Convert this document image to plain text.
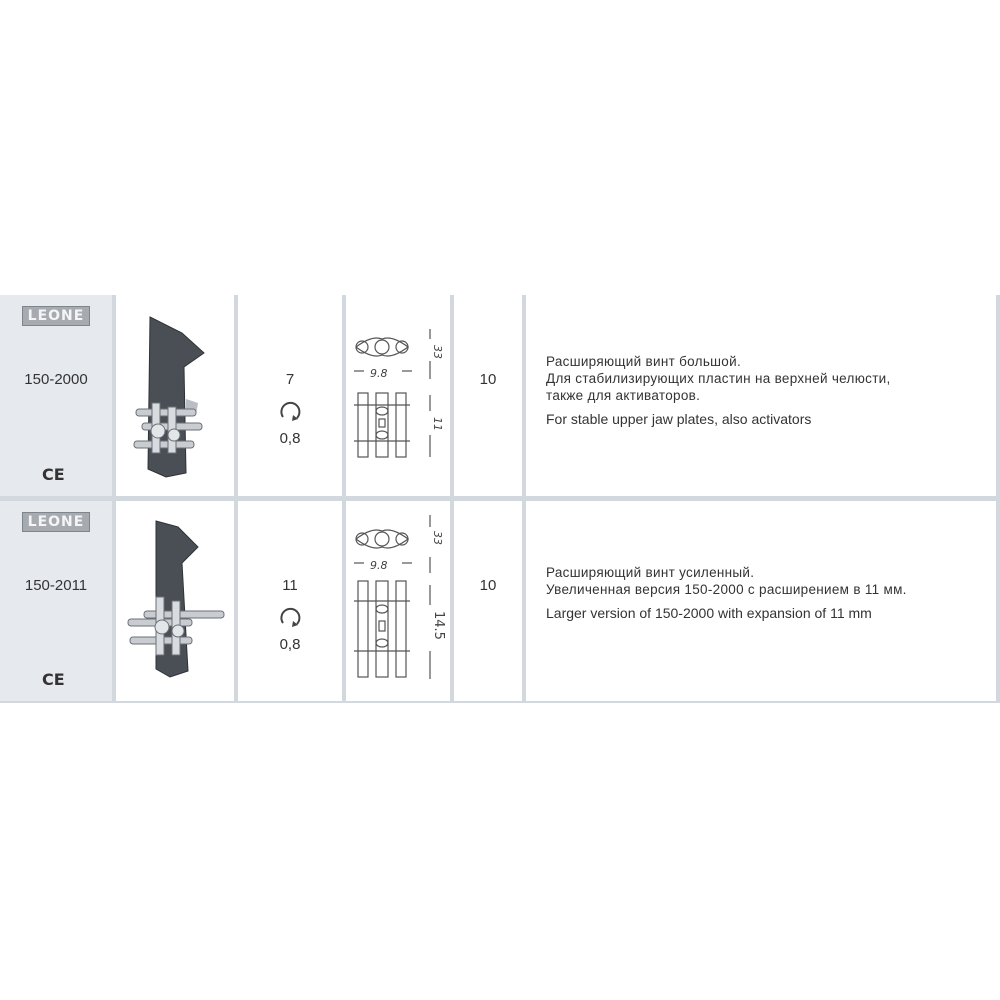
LEONE
150-2000
CE
7
0,8
9.8
33
11
10

Расширяющий винт большой.
Для стабилизирующих пластин на верхней челюсти,
также для активаторов.

For stable upper jaw plates, also activators

LEONE
150-2011
CE
11
0,8
9.8
33
14.5
10

Расширяющий винт усиленный.
Увеличенная версия 150-2000 с расширением в 11 мм.

Larger version of 150-2000 with expansion of 11 mm
